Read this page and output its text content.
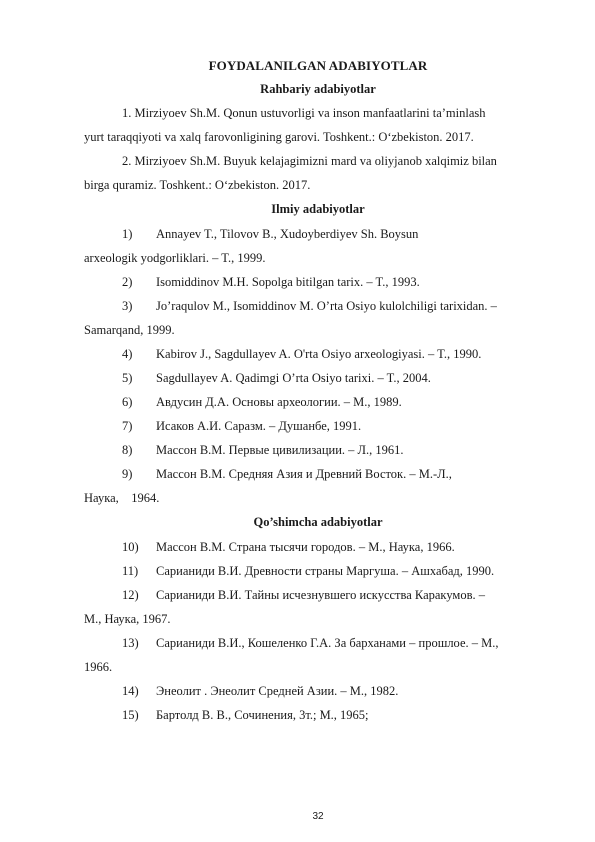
FOYDALANILGAN ADABIYOTLAR
Rahbariy adabiyotlar
1. Mirziyoev Sh.M. Qonun ustuvorligi va inson manfaatlarini ta’minlash
yurt taraqqiyoti va xalq farovonligining garovi. Toshkent.: O‘zbekiston. 2017.
2. Mirziyoev Sh.M. Buyuk kelajagimizni mard va oliyjanob xalqimiz bilan
birga quramiz. Toshkent.: O‘zbekiston. 2017.
Ilmiy adabiyotlar
1) Annayev T., Tilovov B., Xudoyberdiyev Sh. Boysun
arxeologik yodgorliklari. – T., 1999.
2) Isomiddinov M.H. Sopolga bitilgan tarix. – T., 1993.
3) Jo’raqulov M., Isomiddinov M. O’rta Osiyo kulolchiligi tarixidan. –
Samarqand, 1999.
4) Kabirov J., Sagdullayev A. O'rta Osiyo arxeologiyasi. – T., 1990.
5) Sagdullayev A. Qadimgi O’rta Osiyo tarixi. – T., 2004.
6) Авдусин Д.А. Основы археологии. – М., 1989.
7) Исаков А.И. Саразм. – Душанбе, 1991.
8) Массон В.М. Первые цивилизации. – Л., 1961.
9) Массон В.М. Средняя Азия и Древний Восток. – М.-Л.,
Наука,    1964.
Qo’shimcha adabiyotlar
10) Массон В.М. Страна тысячи городов. – М., Наука, 1966.
11) Сарианиди В.И. Древности страны Маргуша. – Ашхабад, 1990.
12) Сарианиди В.И. Тайны исчезнувшего искусства Каракумов. –
М., Наука, 1967.
13) Сарианиди В.И., Кошеленко Г.А. За барханами – прошлое. – М.,
1966.
14) Энеолит . Энеолит Средней Азии. – М., 1982.
15) Бартолд В. В., Сочинения, 3т.; М., 1965;
32
